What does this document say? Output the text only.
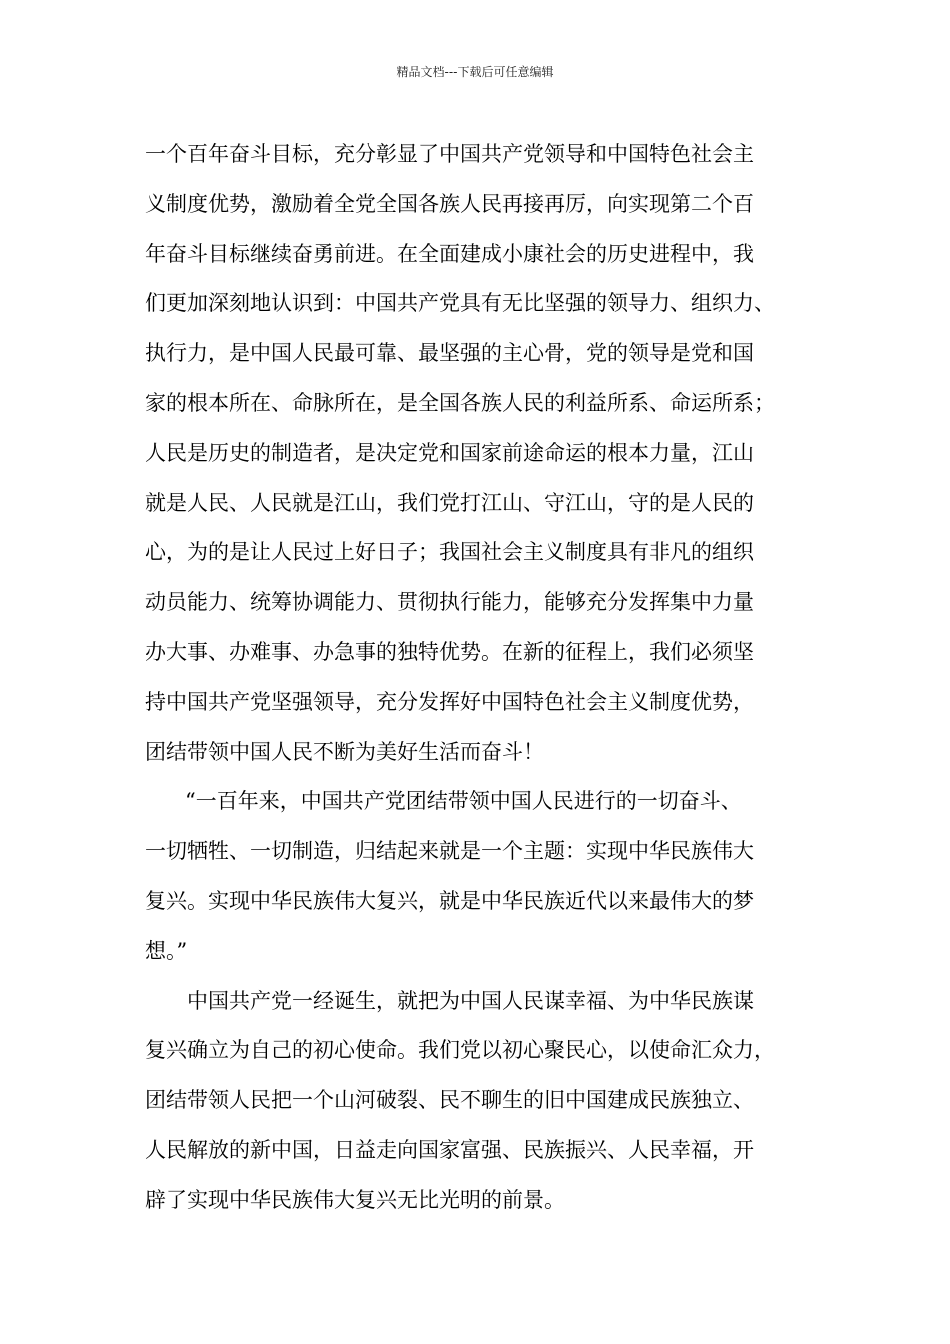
精品文档---下载后可任意编辑
一个百年奋斗目标，充分彰显了中国共产党领导和中国特色社会主
义制度优势，激励着全党全国各族人民再接再厉，向实现第二个百
年奋斗目标继续奋勇前进。在全面建成小康社会的历史进程中，我
们更加深刻地认识到：中国共产党具有无比坚强的领导力、组织力、
执行力，是中国人民最可靠、最坚强的主心骨，党的领导是党和国
家的根本所在、命脉所在，是全国各族人民的利益所系、命运所系；
人民是历史的制造者，是决定党和国家前途命运的根本力量，江山
就是人民、人民就是江山，我们党打江山、守江山，守的是人民的
心，为的是让人民过上好日子；我国社会主义制度具有非凡的组织
动员能力、统筹协调能力、贯彻执行能力，能够充分发挥集中力量
办大事、办难事、办急事的独特优势。在新的征程上，我们必须坚
持中国共产党坚强领导，充分发挥好中国特色社会主义制度优势，
团结带领中国人民不断为美好生活而奋斗！
“一百年来，中国共产党团结带领中国人民进行的一切奋斗、
一切牺牲、一切制造，归结起来就是一个主题：实现中华民族伟大
复兴。实现中华民族伟大复兴，就是中华民族近代以来最伟大的梦
想。”
中国共产党一经诞生，就把为中国人民谋幸福、为中华民族谋
复兴确立为自己的初心使命。我们党以初心聚民心，以使命汇众力，
团结带领人民把一个山河破裂、民不聊生的旧中国建成民族独立、
人民解放的新中国，日益走向国家富强、民族振兴、人民幸福，开
辟了实现中华民族伟大复兴无比光明的前景。
